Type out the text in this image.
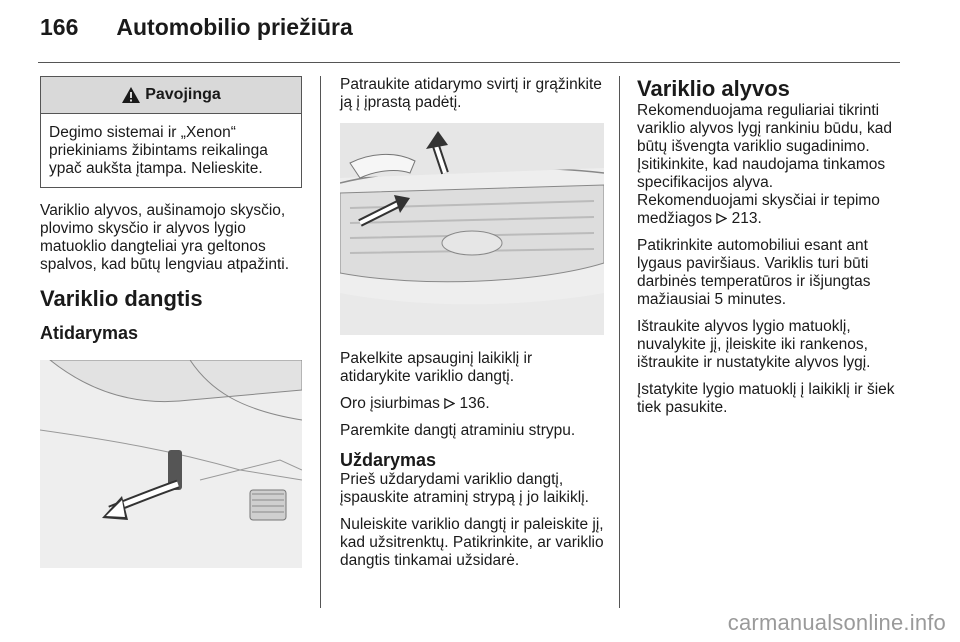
166 Automobilio priežiūra
Pavojinga
Degimo sistemai ir „Xenon“ priekiniams žibintams reikalinga ypač aukšta įtampa. Nelieskite.

Variklio alyvos, aušinamojo skysčio, plovimo skysčio ir alyvos lygio matuoklio dangteliai yra geltonos spalvos, kad būtų lengviau atpažinti.

Variklio dangtis
Atidarymas

Patraukite atidarymo svirtį ir grąžinkite ją į įprastą padėtį.

Pakelkite apsauginį laikiklį ir atidarykite variklio dangtį.

Oro įsiurbimas  136.

Paremkite dangtį atraminiu strypu.

Uždarymas

Prieš uždarydami variklio dangtį, įspauskite atraminį strypą į jo laikiklį.

Nuleiskite variklio dangtį ir paleiskite jį, kad užsitrenktų. Patikrinkite, ar variklio dangtis tinkamai užsidarė.

Variklio alyvos

Rekomenduojama reguliariai tikrinti variklio alyvos lygį rankiniu būdu, kad būtų išvengta variklio sugadinimo. Įsitikinkite, kad naudojama tinkamos specifikacijos alyva.

Rekomenduojami skysčiai ir tepimo medžiagos  213.

Patikrinkite automobiliui esant ant lygaus paviršiaus. Variklis turi būti darbinės temperatūros ir išjungtas mažiausiai 5 minutes.

Ištraukite alyvos lygio matuoklį, nuvalykite jį, įleiskite iki rankenos, ištraukite ir nustatykite alyvos lygį.

Įstatykite lygio matuoklį į laikiklį ir šiek tiek pasukite.

carmanualsonline.info
